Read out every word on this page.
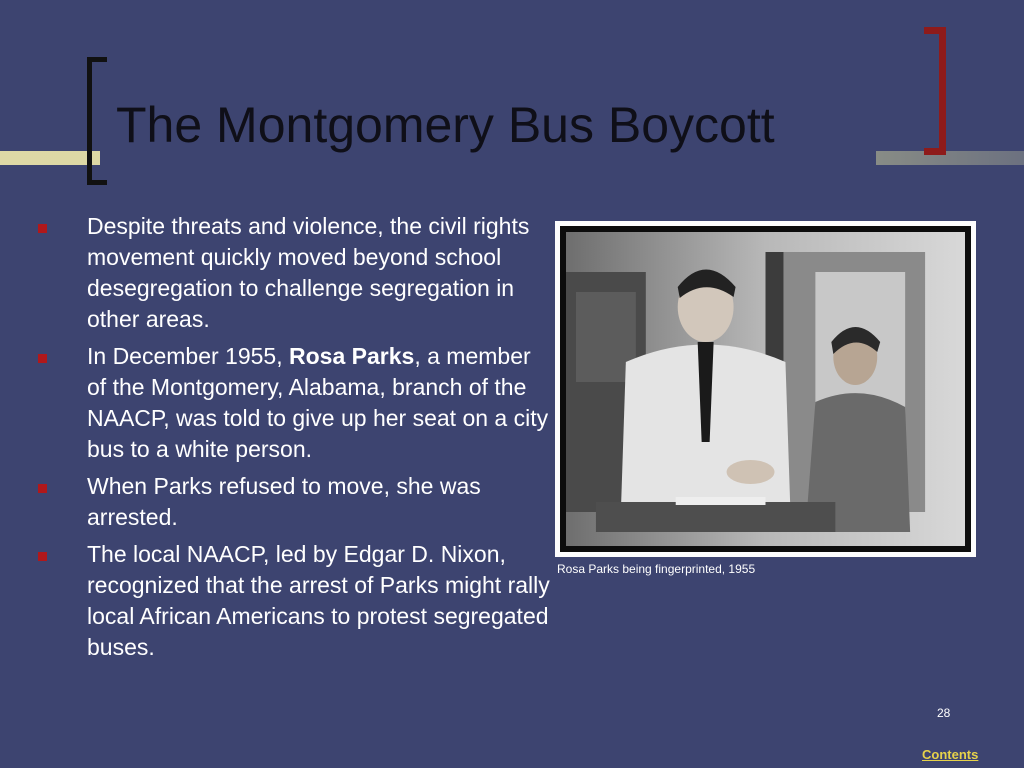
The Montgomery Bus Boycott
Despite threats and violence, the civil rights movement quickly moved beyond school desegregation to challenge segregation in other areas.
In December 1955, Rosa Parks, a member of the Montgomery, Alabama, branch of the NAACP, was told to give up her seat on a city bus to a white person.
When Parks refused to move, she was arrested.
The local NAACP, led by Edgar D. Nixon, recognized that the arrest of Parks might rally local African Americans to protest segregated buses.
Rosa Parks being fingerprinted, 1955
28
Contents
